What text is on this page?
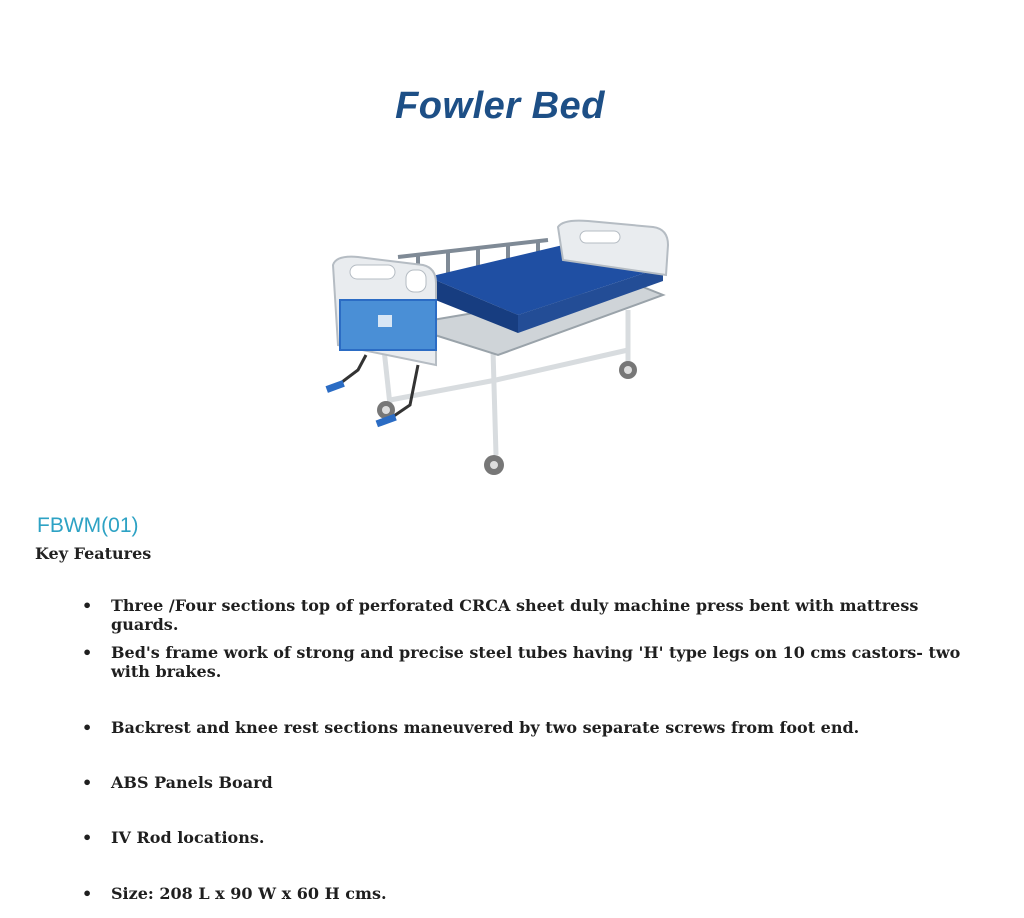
Fowler Bed
FBWM(01)
Key Features
• Three /Four sections top of perforated CRCA sheet duly machine press bent with mattress guards.
• Bed's frame work of strong and precise steel tubes having 'H' type legs on 10 cms castors- two with brakes.
• Backrest and knee rest sections maneuvered by two separate screws from foot end.
• ABS Panels Board
• IV Rod locations.
• Size: 208 L x 90 W x 60 H cms.
